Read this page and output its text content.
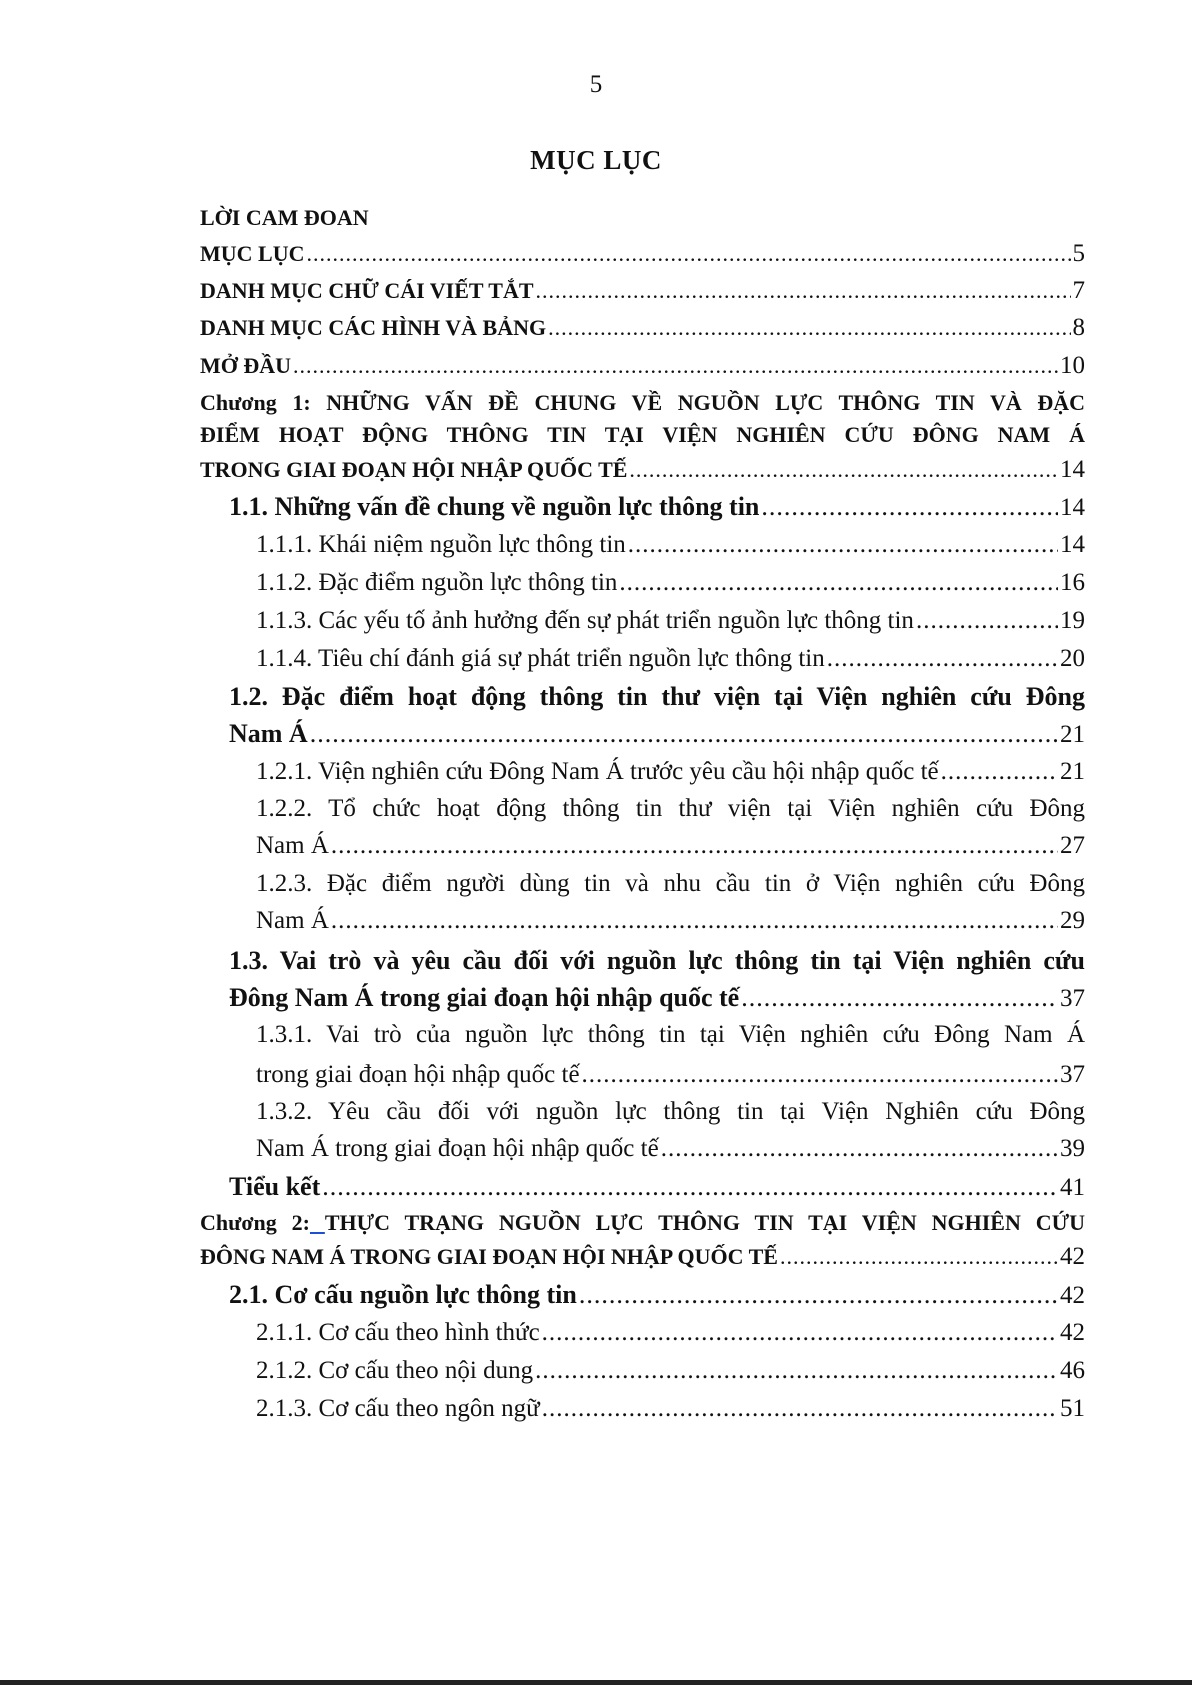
5
MỤC LỤC
LỜI CAM ĐOAN
MỤC LỤC .....	5
DANH MỤC CHỮ CÁI VIẾT TẮT .....	7
DANH MỤC CÁC HÌNH VÀ BẢNG .....	8
MỞ ĐẦU .....	10
Chương 1: NHỮNG VẤN ĐỀ CHUNG VỀ NGUỒN LỰC THÔNG TIN VÀ ĐẶC
ĐIỂM HOẠT ĐỘNG THÔNG TIN TẠI VIỆN NGHIÊN CỨU ĐÔNG NAM Á
TRONG GIAI ĐOẠN HỘI NHẬP QUỐC TẾ .....	14
1.1. Những vấn đề chung về nguồn lực thông tin .....	14
1.1.1. Khái niệm nguồn lực thông tin .....	14
1.1.2. Đặc điểm nguồn lực thông tin .....	16
1.1.3. Các yếu tố ảnh hưởng đến sự phát triển nguồn lực thông tin .....	19
1.1.4. Tiêu chí đánh giá sự phát triển nguồn lực thông tin .....	20
1.2. Đặc điểm hoạt động thông tin thư viện tại Viện nghiên cứu Đông
Nam Á .....	21
1.2.1. Viện nghiên cứu Đông Nam Á trước yêu cầu hội nhập quốc tế .....	21
1.2.2. Tổ chức hoạt động thông tin thư viện tại Viện nghiên cứu Đông
Nam Á .....	27
1.2.3. Đặc điểm người dùng tin và nhu cầu tin ở Viện nghiên cứu Đông
Nam Á .....	29
1.3. Vai trò và yêu cầu đối với nguồn lực thông tin tại Viện nghiên cứu
Đông Nam Á trong giai đoạn hội nhập quốc tế .....	37
1.3.1. Vai trò của nguồn lực thông tin tại Viện nghiên cứu Đông Nam Á
trong giai đoạn hội nhập quốc tế .....	37
1.3.2. Yêu cầu đối với nguồn lực thông tin tại Viện Nghiên cứu Đông
Nam Á trong giai đoạn hội nhập quốc tế .....	39
Tiểu kết .....	41
Chương 2: THỰC TRẠNG NGUỒN LỰC THÔNG TIN TẠI VIỆN NGHIÊN CỨU
ĐÔNG NAM Á TRONG GIAI ĐOẠN HỘI NHẬP QUỐC TẾ .....	42
2.1. Cơ cấu nguồn lực thông tin .....	42
2.1.1. Cơ cấu theo hình thức .....	42
2.1.2. Cơ cấu theo nội dung .....	46
2.1.3. Cơ cấu theo ngôn ngữ .....	51
